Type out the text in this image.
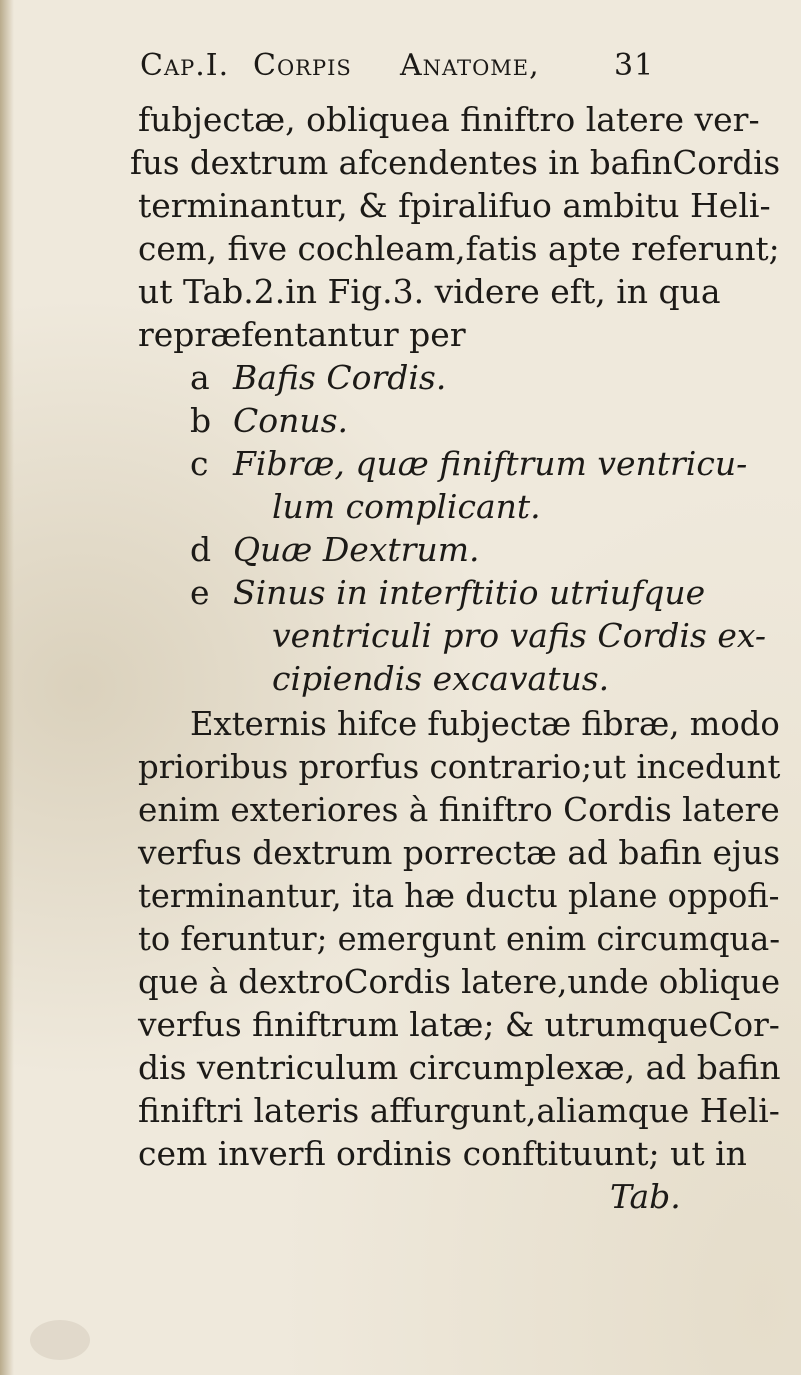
Cap.I. Corpis Anatome, 31
fubjectæ, obliquea finiftro latere ver-
fus dextrum afcendentes in bafinCordis
terminantur, & fpiralifuo ambitu Heli-
cem, five cochleam,fatis apte referunt;
ut Tab.2.in Fig.3. videre eft, in qua
repræfentantur per
a Bafis Cordis.
b Conus.
c Fibræ, quæ finiftrum ventricu-
lum complicant.
d Quæ Dextrum.
e Sinus in interftitio utriufque
ventriculi pro vafis Cordis ex-
cipiendis excavatus.
Externis hifce fubjectæ fibræ, modo
prioribus prorfus contrario;ut incedunt
enim exteriores à finiftro Cordis latere
verfus dextrum porrectæ ad bafin ejus
terminantur, ita hæ ductu plane oppofi-
to feruntur; emergunt enim circumqua-
que à dextroCordis latere,unde oblique
verfus finiftrum latæ; & utrumqueCor-
dis ventriculum circumplexæ, ad bafin
finiftri lateris affurgunt,aliamque Heli-
cem inverfi ordinis conftituunt; ut in
Tab.
